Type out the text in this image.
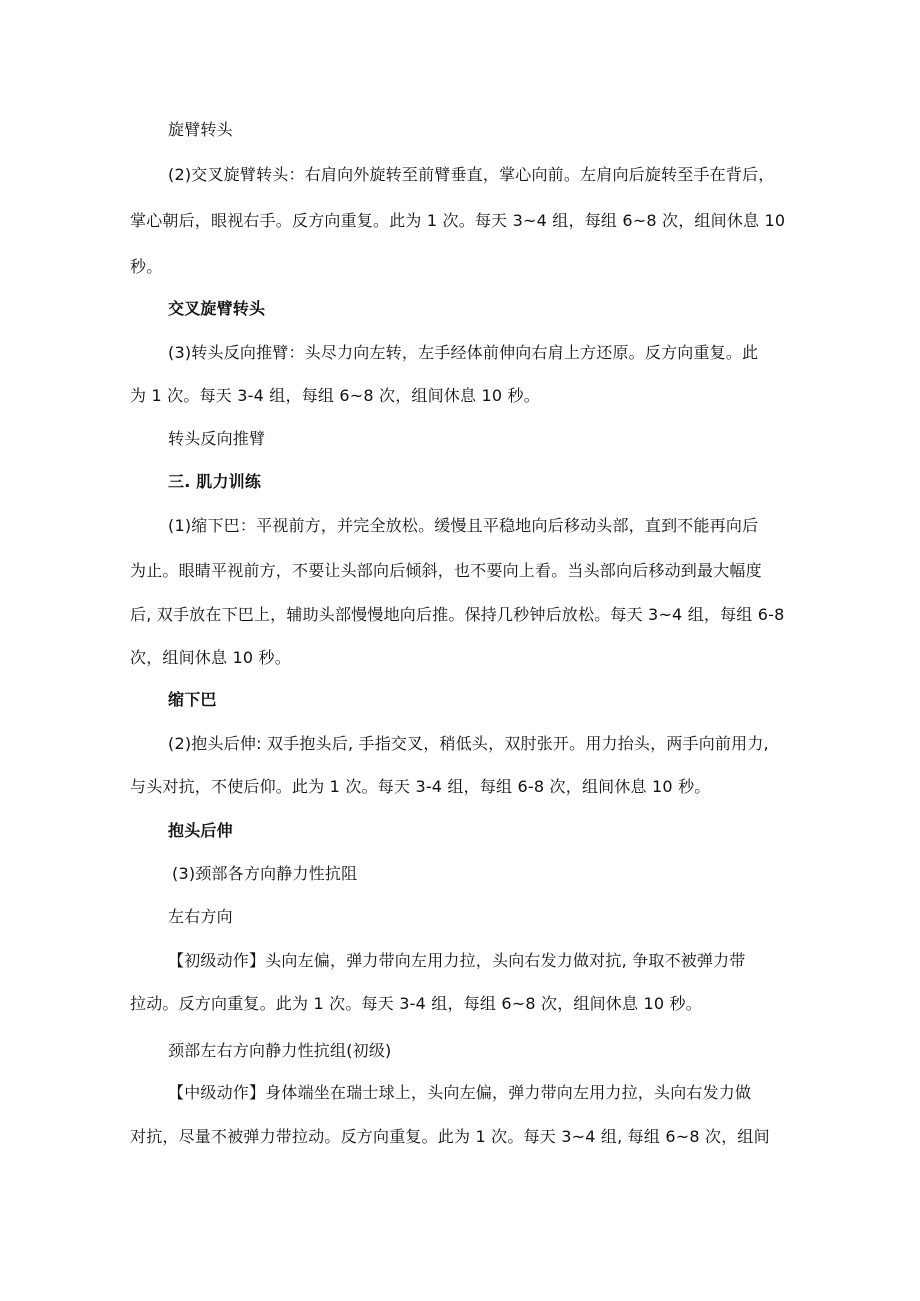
旋臂转头
(2)交叉旋臂转头：右肩向外旋转至前臂垂直，掌心向前。左肩向后旋转至手在背后，
掌心朝后，眼视右手。反方向重复。此为 1 次。每天 3~4 组，每组 6~8 次，组间休息 10
秒。
交叉旋臂转头
(3)转头反向推臂：头尽力向左转，左手经体前伸向右肩上方还原。反方向重复。此
为 1 次。每天 3-4 组，每组 6~8 次，组间休息 10 秒。
转头反向推臂
三. 肌力训练
(1)缩下巴：平视前方，并完全放松。缓慢且平稳地向后移动头部，直到不能再向后
为止。眼睛平视前方，不要让头部向后倾斜，也不要向上看。当头部向后移动到最大幅度
后, 双手放在下巴上，辅助头部慢慢地向后推。保持几秒钟后放松。每天 3~4 组，每组 6-8
次，组间休息 10 秒。
缩下巴
(2)抱头后伸: 双手抱头后, 手指交叉，稍低头，双肘张开。用力抬头，两手向前用力,
与头对抗，不使后仰。此为 1 次。每天 3-4 组，每组 6-8 次，组间休息 10 秒。
抱头后伸
(3)颈部各方向静力性抗阻
左右方向
【初级动作】头向左偏，弹力带向左用力拉，头向右发力做对抗, 争取不被弹力带
拉动。反方向重复。此为 1 次。每天 3-4 组，每组 6~8 次，组间休息 10 秒。
颈部左右方向静力性抗组(初级)
【中级动作】身体端坐在瑞士球上，头向左偏，弹力带向左用力拉，头向右发力做
对抗，尽量不被弹力带拉动。反方向重复。此为 1 次。每天 3~4 组, 每组 6~8 次，组间
